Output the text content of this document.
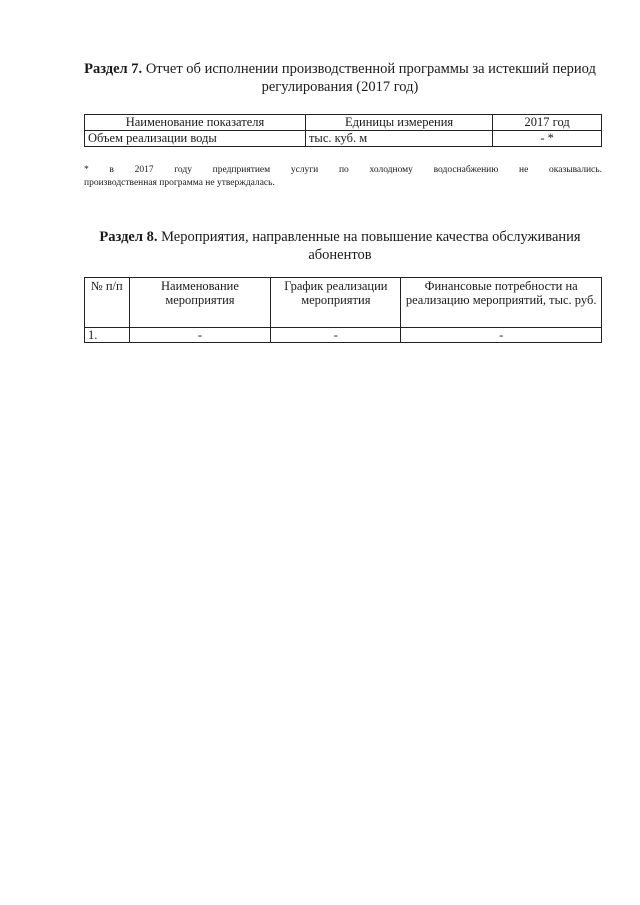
Раздел 7. Отчет об исполнении производственной программы за истекший период регулирования (2017 год)
Наименование показателя	Единицы измерения	2017 год
Объем реализации воды	тыс. куб. м	- *
* в 2017 году предприятием услуги по холодному водоснабжению не оказывались.
производственная программа не утверждалась.
Раздел 8. Мероприятия, направленные на повышение качества обслуживания абонентов
№ п/п	Наименование мероприятия	График реализации мероприятия	Финансовые потребности на реализацию мероприятий, тыс. руб.
1.	-	-	-
